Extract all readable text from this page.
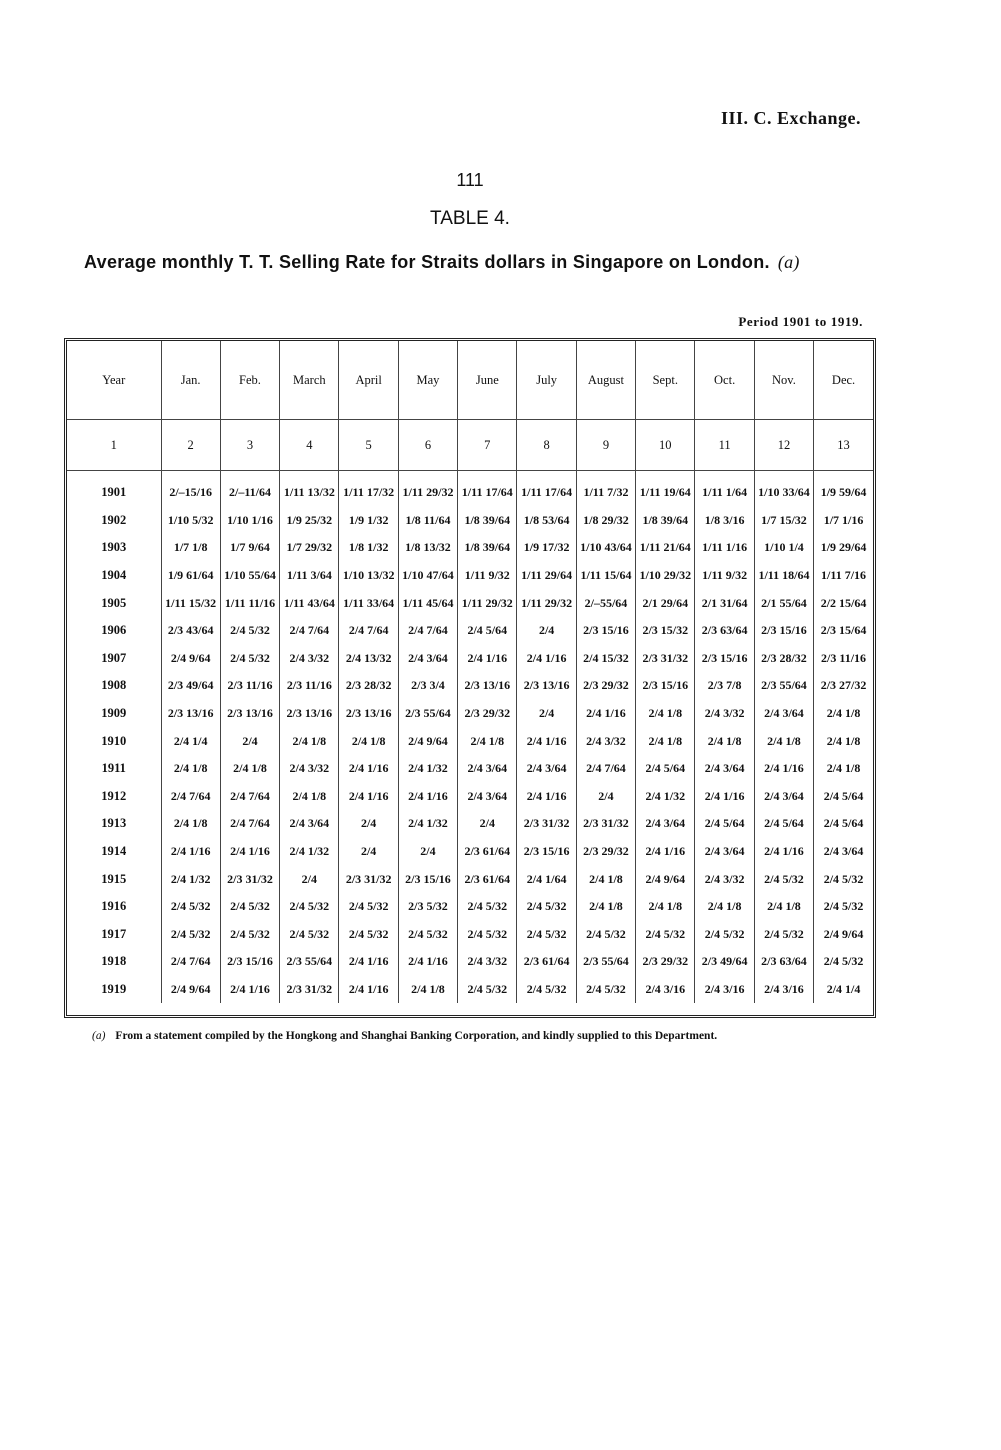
III. C. Exchange.
111
TABLE 4.
Average monthly T. T. Selling Rate for Straits dollars in Singapore on London. (a)
Period 1901 to 1919.
Year	Jan.	Feb.	March	April	May	June	July	August	Sept.	Oct.	Nov.	Dec.
1	2	3	4	5	6	7	8	9	10	11	12	13
1901	2/–15/16	2/–11/64	1/11 13/32	1/11 17/32	1/11 29/32	1/11 17/64	1/11 17/64	1/11 7/32	1/11 19/64	1/11 1/64	1/10 33/64	1/9 59/64
1902	1/10 5/32	1/10 1/16	1/9 25/32	1/9 1/32	1/8 11/64	1/8 39/64	1/8 53/64	1/8 29/32	1/8 39/64	1/8 3/16	1/7 15/32	1/7 1/16
1903	1/7 1/8	1/7 9/64	1/7 29/32	1/8 1/32	1/8 13/32	1/8 39/64	1/9 17/32	1/10 43/64	1/11 21/64	1/11 1/16	1/10 1/4	1/9 29/64
1904	1/9 61/64	1/10 55/64	1/11 3/64	1/10 13/32	1/10 47/64	1/11 9/32	1/11 29/64	1/11 15/64	1/10 29/32	1/11 9/32	1/11 18/64	1/11 7/16
1905	1/11 15/32	1/11 11/16	1/11 43/64	1/11 33/64	1/11 45/64	1/11 29/32	1/11 29/32	2/–55/64	2/1 29/64	2/1 31/64	2/1 55/64	2/2 15/64
1906	2/3 43/64	2/4 5/32	2/4 7/64	2/4 7/64	2/4 7/64	2/4 5/64	2/4	2/3 15/16	2/3 15/32	2/3 63/64	2/3 15/16	2/3 15/64
1907	2/4 9/64	2/4 5/32	2/4 3/32	2/4 13/32	2/4 3/64	2/4 1/16	2/4 1/16	2/4 15/32	2/3 31/32	2/3 15/16	2/3 28/32	2/3 11/16
1908	2/3 49/64	2/3 11/16	2/3 11/16	2/3 28/32	2/3 3/4	2/3 13/16	2/3 13/16	2/3 29/32	2/3 15/16	2/3 7/8	2/3 55/64	2/3 27/32
1909	2/3 13/16	2/3 13/16	2/3 13/16	2/3 13/16	2/3 55/64	2/3 29/32	2/4	2/4 1/16	2/4 1/8	2/4 3/32	2/4 3/64	2/4 1/8
1910	2/4 1/4	2/4	2/4 1/8	2/4 1/8	2/4 9/64	2/4 1/8	2/4 1/16	2/4 3/32	2/4 1/8	2/4 1/8	2/4 1/8	2/4 1/8
1911	2/4 1/8	2/4 1/8	2/4 3/32	2/4 1/16	2/4 1/32	2/4 3/64	2/4 3/64	2/4 7/64	2/4 5/64	2/4 3/64	2/4 1/16	2/4 1/8
1912	2/4 7/64	2/4 7/64	2/4 1/8	2/4 1/16	2/4 1/16	2/4 3/64	2/4 1/16	2/4	2/4 1/32	2/4 1/16	2/4 3/64	2/4 5/64
1913	2/4 1/8	2/4 7/64	2/4 3/64	2/4	2/4 1/32	2/4	2/3 31/32	2/3 31/32	2/4 3/64	2/4 5/64	2/4 5/64	2/4 5/64
1914	2/4 1/16	2/4 1/16	2/4 1/32	2/4	2/4	2/3 61/64	2/3 15/16	2/3 29/32	2/4 1/16	2/4 3/64	2/4 1/16	2/4 3/64
1915	2/4 1/32	2/3 31/32	2/4	2/3 31/32	2/3 15/16	2/3 61/64	2/4 1/64	2/4 1/8	2/4 9/64	2/4 3/32	2/4 5/32	2/4 5/32
1916	2/4 5/32	2/4 5/32	2/4 5/32	2/4 5/32	2/3 5/32	2/4 5/32	2/4 5/32	2/4 1/8	2/4 1/8	2/4 1/8	2/4 1/8	2/4 5/32
1917	2/4 5/32	2/4 5/32	2/4 5/32	2/4 5/32	2/4 5/32	2/4 5/32	2/4 5/32	2/4 5/32	2/4 5/32	2/4 5/32	2/4 5/32	2/4 9/64
1918	2/4 7/64	2/3 15/16	2/3 55/64	2/4 1/16	2/4 1/16	2/4 3/32	2/3 61/64	2/3 55/64	2/3 29/32	2/3 49/64	2/3 63/64	2/4 5/32
1919	2/4 9/64	2/4 1/16	2/3 31/32	2/4 1/16	2/4 1/8	2/4 5/32	2/4 5/32	2/4 5/32	2/4 3/16	2/4 3/16	2/4 3/16	2/4 1/4
(a) From a statement compiled by the Hongkong and Shanghai Banking Corporation, and kindly supplied to this Department.
